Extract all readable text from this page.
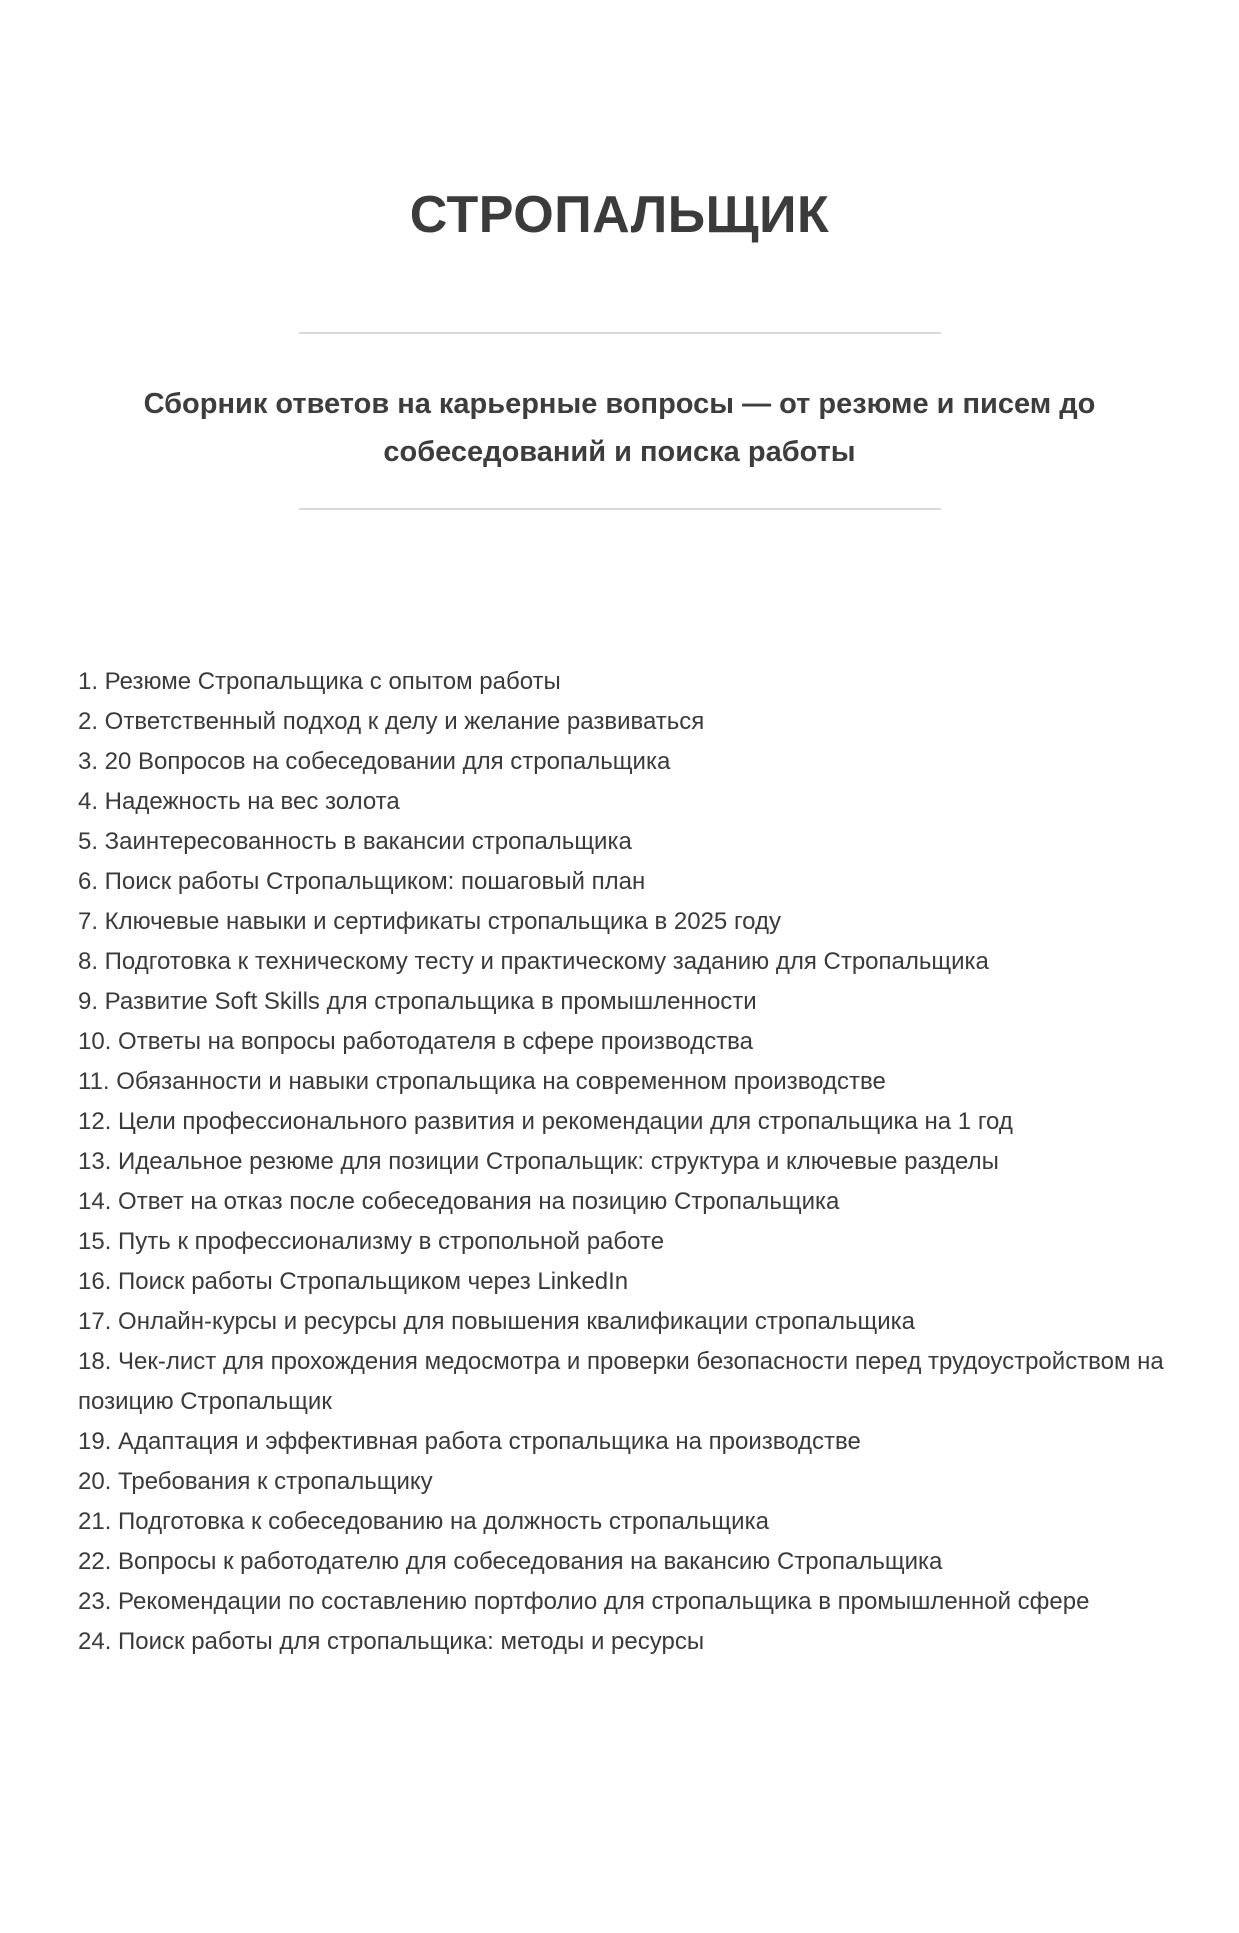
СТРОПАЛЬЩИК
Сборник ответов на карьерные вопросы — от резюме и писем до собеседований и поиска работы
1. Резюме Стропальщика с опытом работы
2. Ответственный подход к делу и желание развиваться
3. 20 Вопросов на собеседовании для стропальщика
4. Надежность на вес золота
5. Заинтересованность в вакансии стропальщика
6. Поиск работы Стропальщиком: пошаговый план
7. Ключевые навыки и сертификаты стропальщика в 2025 году
8. Подготовка к техническому тесту и практическому заданию для Стропальщика
9. Развитие Soft Skills для стропальщика в промышленности
10. Ответы на вопросы работодателя в сфере производства
11. Обязанности и навыки стропальщика на современном производстве
12. Цели профессионального развития и рекомендации для стропальщика на 1 год
13. Идеальное резюме для позиции Стропальщик: структура и ключевые разделы
14. Ответ на отказ после собеседования на позицию Стропальщика
15. Путь к профессионализму в стропольной работе
16. Поиск работы Стропальщиком через LinkedIn
17. Онлайн-курсы и ресурсы для повышения квалификации стропальщика
18. Чек-лист для прохождения медосмотра и проверки безопасности перед трудоустройством на позицию Стропальщик
19. Адаптация и эффективная работа стропальщика на производстве
20. Требования к стропальщику
21. Подготовка к собеседованию на должность стропальщика
22. Вопросы к работодателю для собеседования на вакансию Стропальщика
23. Рекомендации по составлению портфолио для стропальщика в промышленной сфере
24. Поиск работы для стропальщика: методы и ресурсы
